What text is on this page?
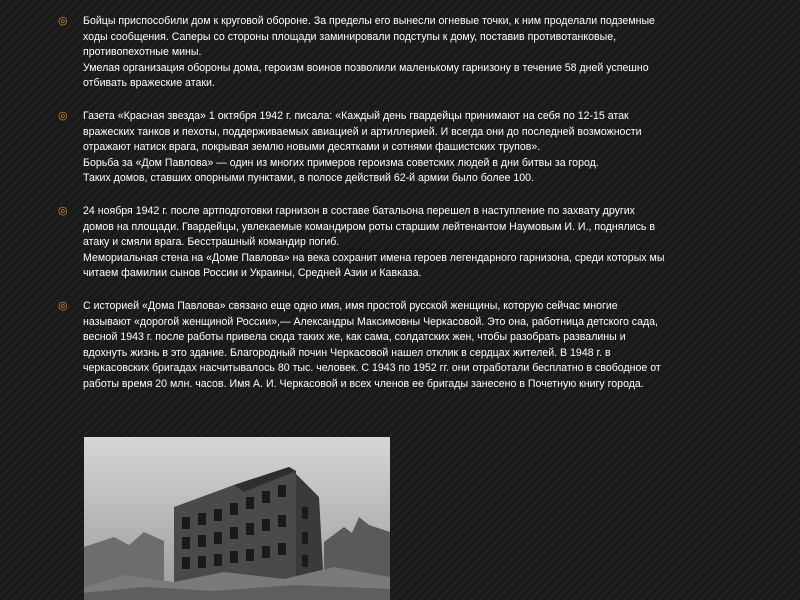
◎ Бойцы приспособили дом к круговой обороне. За пределы его вынесли огневые точки, к ним проделали подземные ходы сообщения. Саперы со стороны площади заминировали подступы к дому, поставив противотанковые, противопехотные мины.

Умелая организация обороны дома, героизм воинов позволили маленькому гарнизону в течение 58 дней успешно отбивать вражеские атаки.

◎ Газета «Красная звезда» 1 октября 1942 г. писала: «Каждый день гвардейцы принимают на себя по 12-15 атак вражеских танков и пехоты, поддерживаемых авиацией и артиллерией. И всегда они до последней возможности отражают натиск врага, покрывая землю новыми десятками и сотнями фашистских трупов».

Борьба за «Дом Павлова» — один из многих примеров героизма советских людей в дни битвы за город.

Таких домов, ставших опорными пунктами, в полосе действий 62-й армии было более 100.

◎ 24 ноября 1942 г. после артподготовки гарнизон в составе батальона перешел в наступление по захвату других домов на площади. Гвардейцы, увлекаемые командиром роты старшим лейтенантом Наумовым И. И., поднялись в атаку и смяли врага. Бесстрашный командир погиб.

Мемориальная стена на «Доме Павлова» на века сохранит имена героев легендарного гарнизона, среди которых мы читаем фамилии сынов России и Украины, Средней Азии и Кавказа.

◎ С историей «Дома Павлова» связано еще одно имя, имя простой русской женщины, которую сейчас многие называют «дорогой женщиной России»,— Александры Максимовны Черкасовой. Это она, работница детского сада, весной 1943 г. после работы привела сюда таких же, как сама, солдатских жен, чтобы разобрать развалины и вдохнуть жизнь в это здание. Благородный почин Черкасовой нашел отклик в сердцах жителей. В 1948 г. в черкасовских бригадах насчитывалось 80 тыс. человек. С 1943 по 1952 гг. они отработали бесплатно в свободное от работы время 20 млн. часов. Имя А. И. Черкасовой и всех членов ее бригады занесено в Почетную книгу города.
